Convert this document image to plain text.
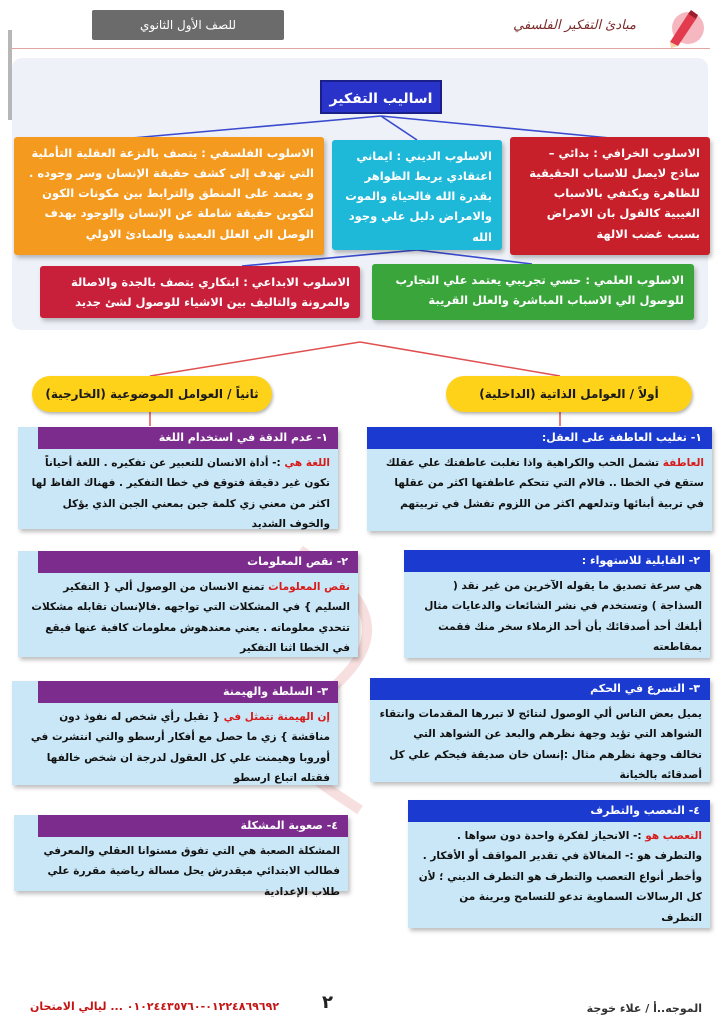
مبادئ التفكير الفلسفي
للصف الأول الثانوي
اساليب التفكير
الاسلوب الخرافي : بدائي – ساذج لايصل للاسباب الحقيقية للظاهرة ويكتفي بالاسباب الغيبية كالقول بان الامراض بسبب غضب الالهة
الاسلوب الديني : ايماني اعتقادي يربط الظواهر بقدرة الله فالحياة والموت والامراض دليل علي وجود الله
الاسلوب الفلسفي : يتصف بالنزعة العقلية التأملية التي تهدف إلى كشف حقيقة الإنسان وسر وجوده . و يعتمد على المنطق والترابط بين مكونات الكون لتكوين حقيقة شاملة عن الإنسان والوجود بهدف الوصل الي العلل البعيدة والمبادئ الاولي
الاسلوب العلمي : حسي تجريبي يعتمد علي التجارب للوصول الي الاسباب المباشرة والعلل القريبة
الاسلوب الابداعي : ابتكاري يتصف بالجدة والاصالة والمرونة والتاليف بين الاشياء للوصول لشئ جديد
أولاً / العوامل الذاتية (الداخلية)
ثانياً / العوامل الموضوعية (الخارجية)
١- تغليب العاطفة على العقل:
العاطفة تشمل الحب والكراهية واذا تغلبت عاطفتك علي عقلك ستقع في الخطا .. فالام التي تتحكم عاطفتها اكثر من عقلها في تربية أبنائها وتدلعهم اكثر من اللزوم تفشل في تربيتهم
٢- القابلية للاستهواء :
هي سرعة تصديق ما يقوله الآخرين من غير نقد ( السذاجة ) وتستخدم في نشر الشائعات والدعايات مثال أبلغك أحد أصدقائك بأن أحد الزملاء سخر منك فقمت بمقاطعته
٣- التسرع في الحكم
يميل بعض الناس ألي الوصول لنتائج لا تبررها المقدمات وانتقاء الشواهد التي تؤيد وجهة نظرهم والبعد عن الشواهد التي تخالف وجهة نظرهم مثال :إنسان خان صديقة فيحكم علي كل أصدقائه بالخيانة
٤- التعصب والتطرف
التعصب هو :- الانحياز لفكرة واحدة دون سواها . والتطرف هو :- المغالاة في تقدير المواقف أو الأفكار . وأخطر أنواع التعصب والتطرف هو التطرف الديني ؛ لأن كل الرسالات السماوية تدعو للتسامح وبرينة من التطرف
١- عدم الدقة في استخدام اللغة
اللغة هي :- أداة الانسان للتعبير عن تفكيره . اللغة أحياناً تكون غير دقيقة فتوقع في خطا التفكير . فهناك الفاظ لها اكثر من معني زي كلمة جبن بمعني الجبن الذي يؤكل والخوف الشديد
٢- نقص المعلومات
نقص المعلومات تمنع الانسان من الوصول ألي { التفكير السليم } في المشكلات التي تواجهه .فالإنسان تقابله مشكلات تتحدي معلوماته . يعني معندهوش معلومات كافية عنها فيقع في الخطا اثنا التفكير
٣- السلطة والهيمنة
إن الهيمنة تتمثل في { تقبل رأي شخص له نفوذ دون مناقشة } زي ما حصل مع أفكار أرسطو والتي انتشرت في أوروبا وهيمنت علي كل العقول لدرجة ان شخص خالفها فقتله اتباع ارسطو
٤- صعوبة المشكلة
المشكلة الصعبة هي التي تفوق مستوانا العقلي والمعرفي فطالب الابتدائي ميقدرش يحل مسالة رياضية مقررة علي طلاب الإعدادية
الموجه..أ / علاء خوجة
٢
٠١٢٢٤٨٦٩٦٩٢-٠١٠٢٤٤٣٥٧٦٠ ... ليالي الامتحان
